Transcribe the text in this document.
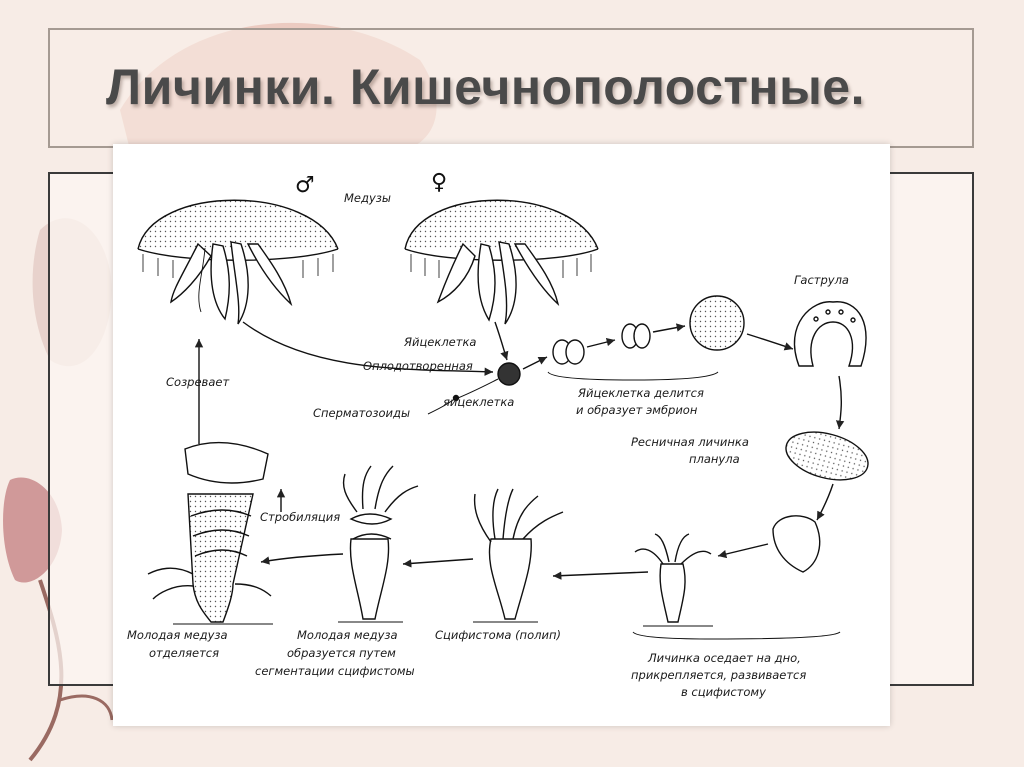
Личинки. Кишечнополостные.
♂	♀
Медузы
Гаструла
Яйцеклетка
Оплодотворенная
яйцеклетка
Сперматозоиды
Яйцеклетка делится
и образует эмбрион
Созревает
Ресничная личинка
планула
Стробиляция
Молодая медуза
отделяется
Молодая медуза
образуется путем
сегментации сцифистомы
Сцифистома (полип)
Личинка оседает на дно,
прикрепляется, развивается
в сцифистому
